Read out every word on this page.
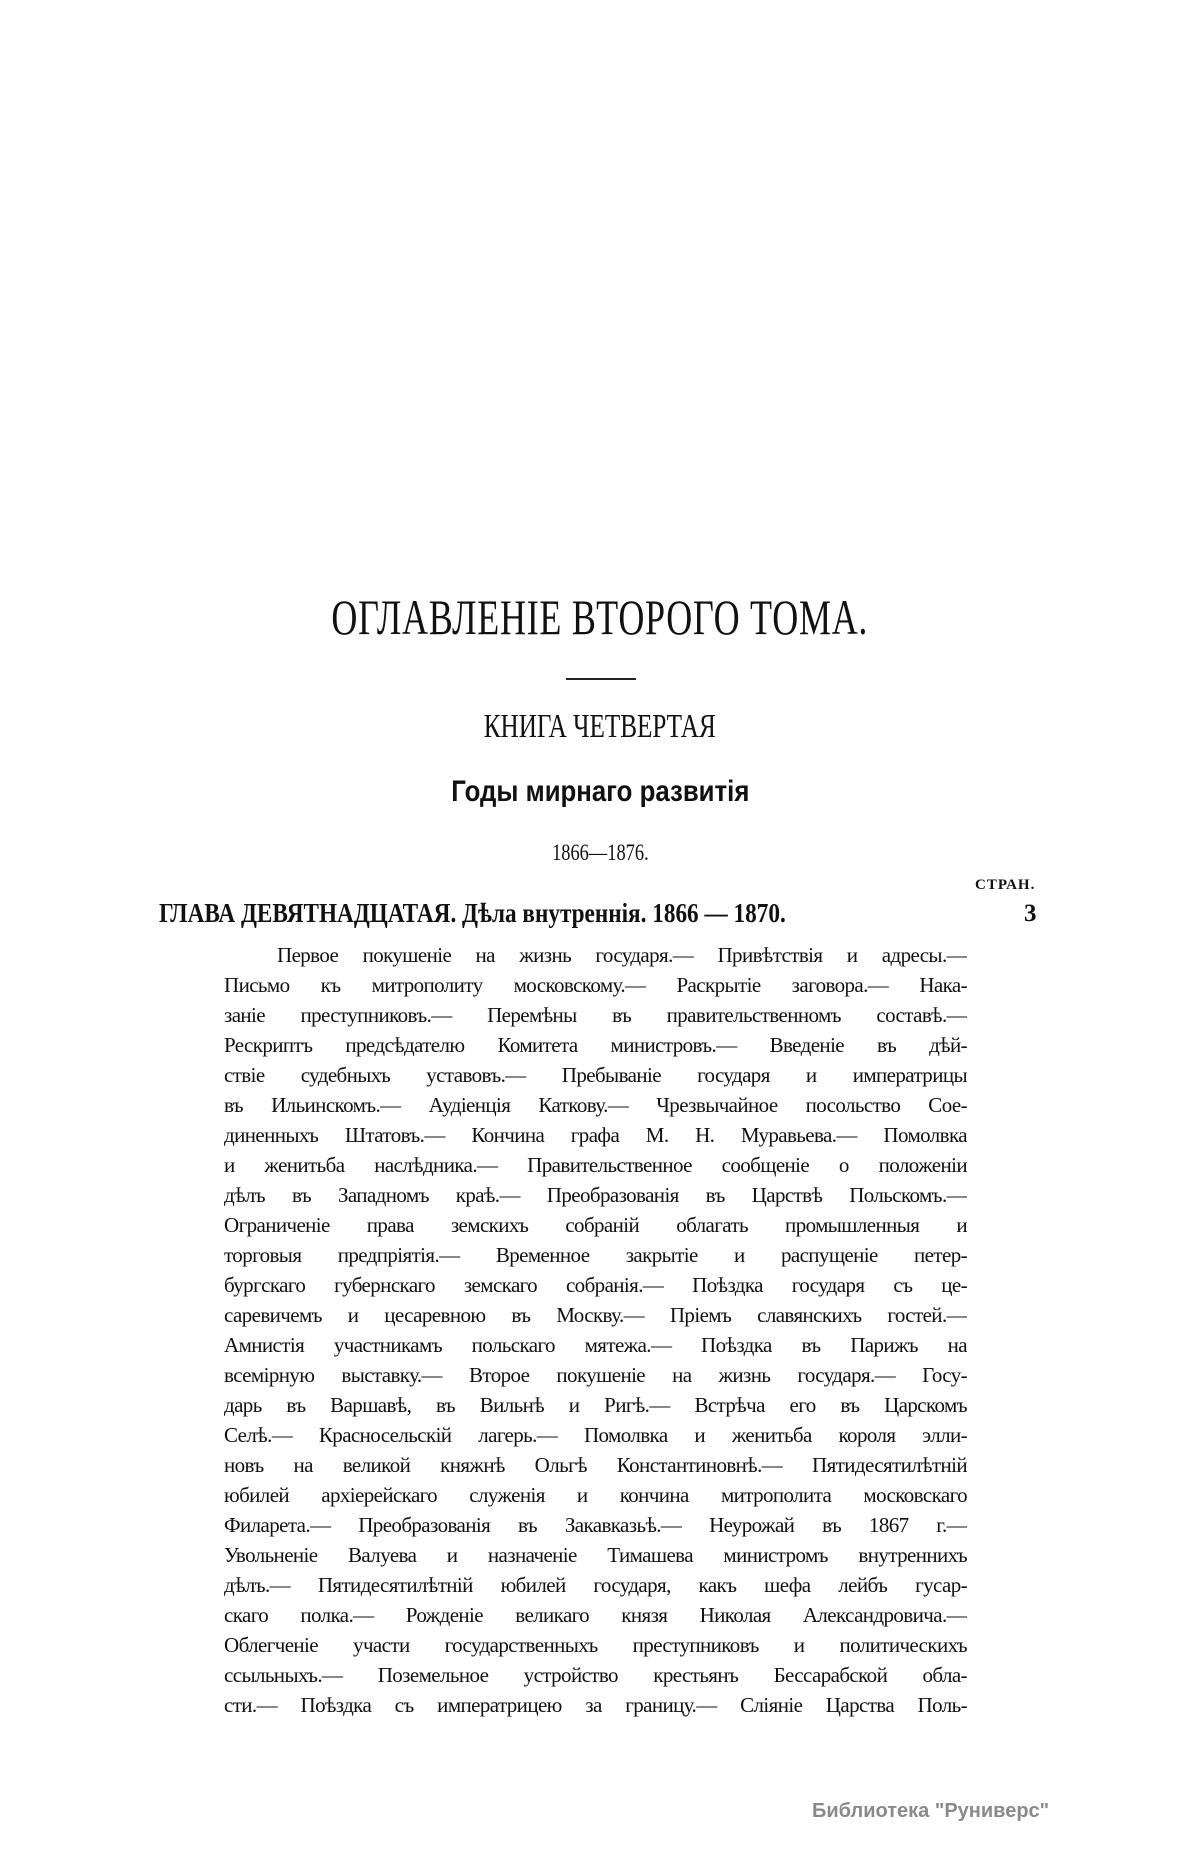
ОГЛАВЛЕНІЕ ВТОРОГО ТОМА.
КНИГА ЧЕТВЕРТАЯ
Годы мирнаго развитія
1866—1876.
СТРАН.
ГЛАВА ДЕВЯТНАДЦАТАЯ. Дѣла внутреннія. 1866 — 1870.	3
Первое покушеніе на жизнь государя.— Привѣтствія и адресы.—
Письмо къ митрополиту московскому.— Раскрытіе заговора.— Нака-
заніе преступниковъ.— Перемѣны въ правительственномъ составѣ.—
Рескриптъ предсѣдателю Комитета министровъ.— Введеніе въ дѣй-
ствіе судебныхъ уставовъ.— Пребываніе государя и императрицы
въ Ильинскомъ.— Аудіенція Каткову.— Чрезвычайное посольство Сое-
диненныхъ Штатовъ.— Кончина графа М. Н. Муравьева.— Помолвка
и женитьба наслѣдника.— Правительственное сообщеніе о положеніи
дѣлъ въ Западномъ краѣ.— Преобразованія въ Царствѣ Польскомъ.—
Ограниченіе права земскихъ собраній облагать промышленныя и
торговыя предпріятія.— Временное закрытіе и распущеніе петер-
бургскаго губернскаго земскаго собранія.— Поѣздка государя съ це-
саревичемъ и цесаревною въ Москву.— Пріемъ славянскихъ гостей.—
Амнистія участникамъ польскаго мятежа.— Поѣздка въ Парижъ на
всемірную выставку.— Второе покушеніе на жизнь государя.— Госу-
дарь въ Варшавѣ, въ Вильнѣ и Ригѣ.— Встрѣча его въ Царскомъ
Селѣ.— Красносельскій лагерь.— Помолвка и женитьба короля элли-
новъ на великой княжнѣ Ольгѣ Константиновнѣ.— Пятидесятилѣтній
юбилей архіерейскаго служенія и кончина митрополита московскаго
Филарета.— Преобразованія въ Закавказьѣ.— Неурожай въ 1867 г.—
Увольненіе Валуева и назначеніе Тимашева министромъ внутреннихъ
дѣлъ.— Пятидесятилѣтній юбилей государя, какъ шефа лейбъ гусар-
скаго полка.— Рожденіе великаго князя Николая Александровича.—
Облегченіе участи государственныхъ преступниковъ и политическихъ
ссыльныхъ.— Поземельное устройство крестьянъ Бессарабской обла-
сти.— Поѣздка съ императрицею за границу.— Сліяніе Царства Поль-
Библиотека "Руниверс"
